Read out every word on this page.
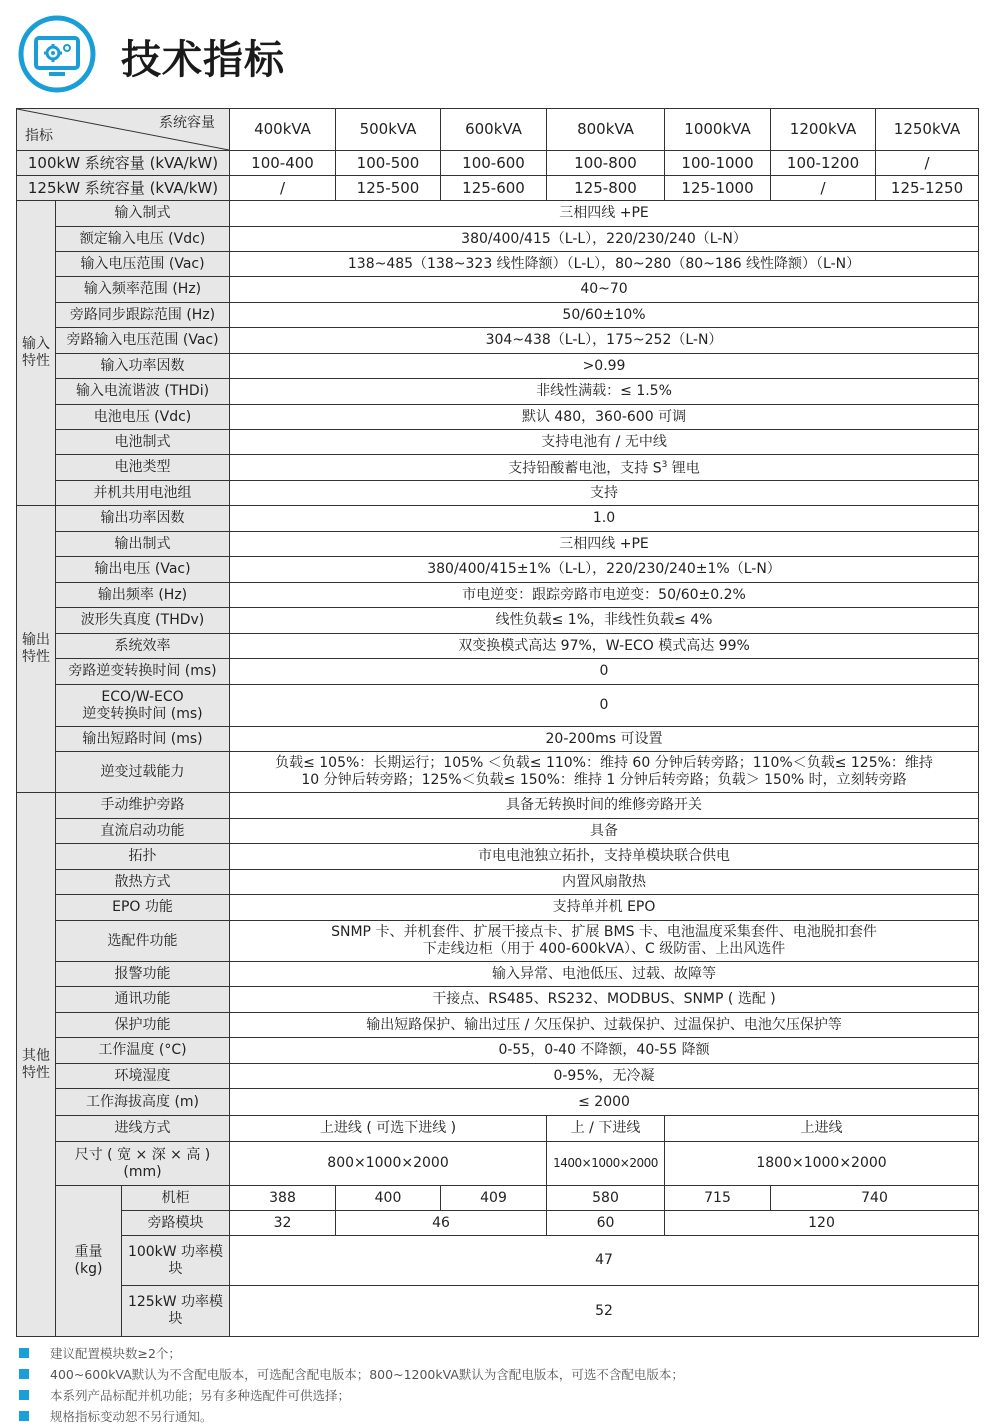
技术指标
系统容量
指标			400kVA	500kVA	600kVA	800kVA	1000kVA	1200kVA	1250kVA
100kW 系统容量 (kVA/kW)			100-400	100-500	100-600	100-800	100-1000	100-1200	/
125kW 系统容量 (kVA/kW)			/	125-500	125-600	125-800	125-1000	/	125-1250
输入特性	输入制式		三相四线 +PE						
	额定输入电压 (Vdc)		380/400/415（L-L），220/230/240（L-N）						
	输入电压范围 (Vac)		138~485（138~323 线性降额）（L-L），80~280（80~186 线性降额）（L-N）						
	输入频率范围 (Hz)		40~70						
	旁路同步跟踪范围 (Hz)		50/60±10%						
	旁路输入电压范围 (Vac)		304~438（L-L），175~252（L-N）						
	输入功率因数		>0.99						
	输入电流谐波 (THDi)		非线性满载：≤ 1.5%						
	电池电压 (Vdc)		默认 480，360-600 可调						
	电池制式		支持电池有 / 无中线						
	电池类型		支持铅酸蓄电池，支持 $S^3$ 锂电						
	并机共用电池组		支持						
输出特性	输出功率因数		1.0						
	输出制式		三相四线 +PE						
	输出电压 (Vac)		380/400/415±1%（L-L），220/230/240±1%（L-N）						
	输出频率 (Hz)		市电逆变：跟踪旁路市电逆变：50/60±0.2%						
	波形失真度 (THDv)		线性负载≤ 1%，非线性负载≤ 4%						
	系统效率		双变换模式高达 97%，W-ECO 模式高达 99%						
	旁路逆变转换时间 (ms)		0						
	ECO/W-ECO
逆变转换时间 (ms)		0						
	输出短路时间 (ms)		20-200ms 可设置						
	逆变过载能力		负载≤ 105%：长期运行；105% ＜负载≤ 110%：维持 60 分钟后转旁路；110%＜负载≤ 125%：维持
10 分钟后转旁路；125%＜负载≤ 150%：维持 1 分钟后转旁路；负载＞ 150% 时，立刻转旁路						
其他特性	手动维护旁路		具备无转换时间的维修旁路开关						
	直流启动功能		具备						
	拓扑		市电电池独立拓扑，支持单模块联合供电						
	散热方式		内置风扇散热						
	EPO 功能		支持单并机 EPO						
	选配件功能		SNMP 卡、并机套件、扩展干接点卡、扩展 BMS 卡、电池温度采集套件、电池脱扣套件
下走线边柜（用于 400-600kVA）、C 级防雷、上出风选件						
	报警功能		输入异常、电池低压、过载、故障等						
	通讯功能		干接点、RS485、RS232、MODBUS、SNMP ( 选配 )						
	保护功能		输出短路保护、输出过压 / 欠压保护、过载保护、过温保护、电池欠压保护等						
	工作温度 (°C)		0-55，0-40 不降额，40-55 降额						
	环境湿度		0-95%，无冷凝						
	工作海拔高度 (m)		≤ 2000						
	进线方式		上进线 ( 可选下进线 )			上 / 下进线	上进线		
	尺寸 ( 宽 × 深 × 高 )
(mm)		800×1000×2000			1400×1000×2000	1800×1000×2000		
	重量
(kg)	机柜	388	400	409	580	715	740	
		旁路模块	32	46		60	120		
		100kW 功率模
块	47						
		125kW 功率模
块	52						
建议配置模块数≥2个；
400~600kVA默认为不含配电版本，可选配含配电版本；800~1200kVA默认为含配电版本，可选不含配电版本；
本系列产品标配并机功能；另有多种选配件可供选择；
规格指标变动恕不另行通知。
